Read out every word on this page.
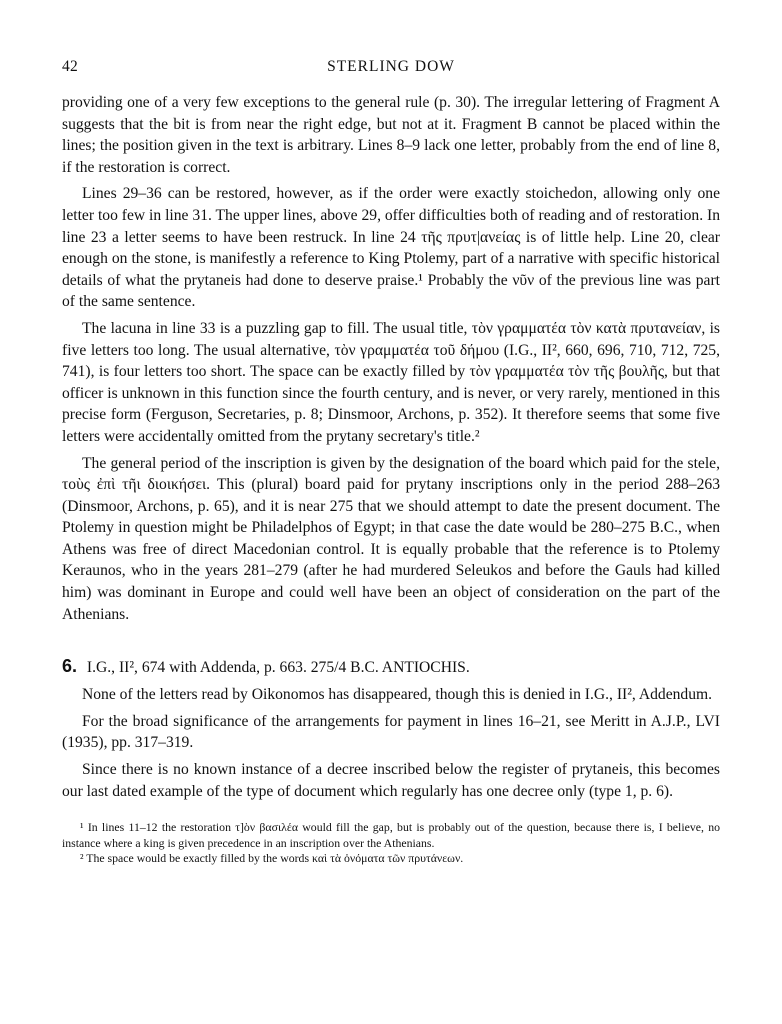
42	STERLING DOW

providing one of a very few exceptions to the general rule (p. 30). The irregular lettering of Fragment A suggests that the bit is from near the right edge, but not at it. Fragment B cannot be placed within the lines; the position given in the text is arbitrary. Lines 8–9 lack one letter, probably from the end of line 8, if the restoration is correct.

Lines 29–36 can be restored, however, as if the order were exactly stoichedon, allowing only one letter too few in line 31. The upper lines, above 29, offer difficulties both of reading and of restoration. In line 23 a letter seems to have been restruck. In line 24 τῆς πρυτ|ανείας is of little help. Line 20, clear enough on the stone, is manifestly a reference to King Ptolemy, part of a narrative with specific historical details of what the prytaneis had done to deserve praise.¹ Probably the νῦν of the previous line was part of the same sentence.

The lacuna in line 33 is a puzzling gap to fill. The usual title, τὸν γραμματέα τὸν κατὰ πρυτανείαν, is five letters too long. The usual alternative, τὸν γραμματέα τοῦ δήμου (I.G., II², 660, 696, 710, 712, 725, 741), is four letters too short. The space can be exactly filled by τὸν γραμματέα τὸν τῆς βουλῆς, but that officer is unknown in this function since the fourth century, and is never, or very rarely, mentioned in this precise form (Ferguson, Secretaries, p. 8; Dinsmoor, Archons, p. 352). It therefore seems that some five letters were accidentally omitted from the prytany secretary's title.²

The general period of the inscription is given by the designation of the board which paid for the stele, τοὺς ἐπὶ τῆι διοικήσει. This (plural) board paid for prytany inscriptions only in the period 288–263 (Dinsmoor, Archons, p. 65), and it is near 275 that we should attempt to date the present document. The Ptolemy in question might be Philadelphos of Egypt; in that case the date would be 280–275 B.C., when Athens was free of direct Macedonian control. It is equally probable that the reference is to Ptolemy Keraunos, who in the years 281–279 (after he had murdered Seleukos and before the Gauls had killed him) was dominant in Europe and could well have been an object of consideration on the part of the Athenians.

6. I.G., II², 674 with Addenda, p. 663. 275/4 B.C. ANTIOCHIS.

None of the letters read by Oikonomos has disappeared, though this is denied in I.G., II², Addendum.

For the broad significance of the arrangements for payment in lines 16–21, see Meritt in A.J.P., LVI (1935), pp. 317–319.

Since there is no known instance of a decree inscribed below the register of prytaneis, this becomes our last dated example of the type of document which regularly has one decree only (type 1, p. 6).

¹ In lines 11–12 the restoration τ]ὸν βασιλέα would fill the gap, but is probably out of the question, because there is, I believe, no instance where a king is given precedence in an inscription over the Athenians.

² The space would be exactly filled by the words καὶ τὰ ὀνόματα τῶν πρυτάνεων.
